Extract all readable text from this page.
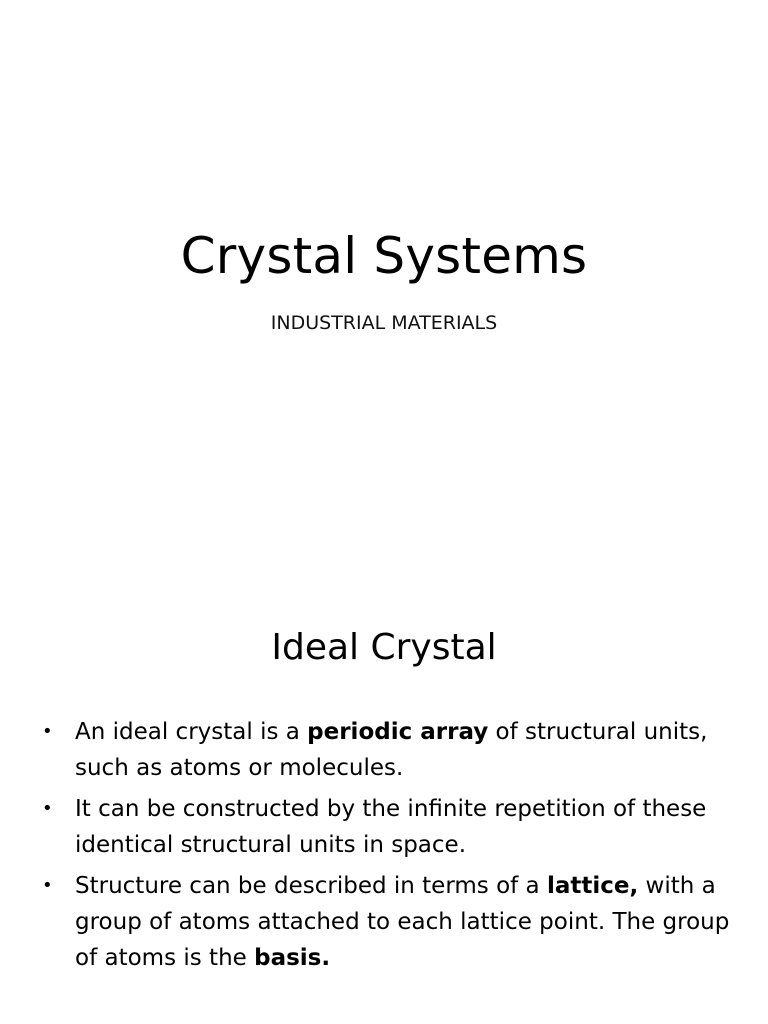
Crystal Systems
INDUSTRIAL MATERIALS
Ideal Crystal
• An ideal crystal is a periodic array of structural units, such as atoms or molecules.
• It can be constructed by the infinite repetition of these identical structural units in space.
• Structure can be described in terms of a lattice, with a group of atoms attached to each lattice point. The group of atoms is the basis.
